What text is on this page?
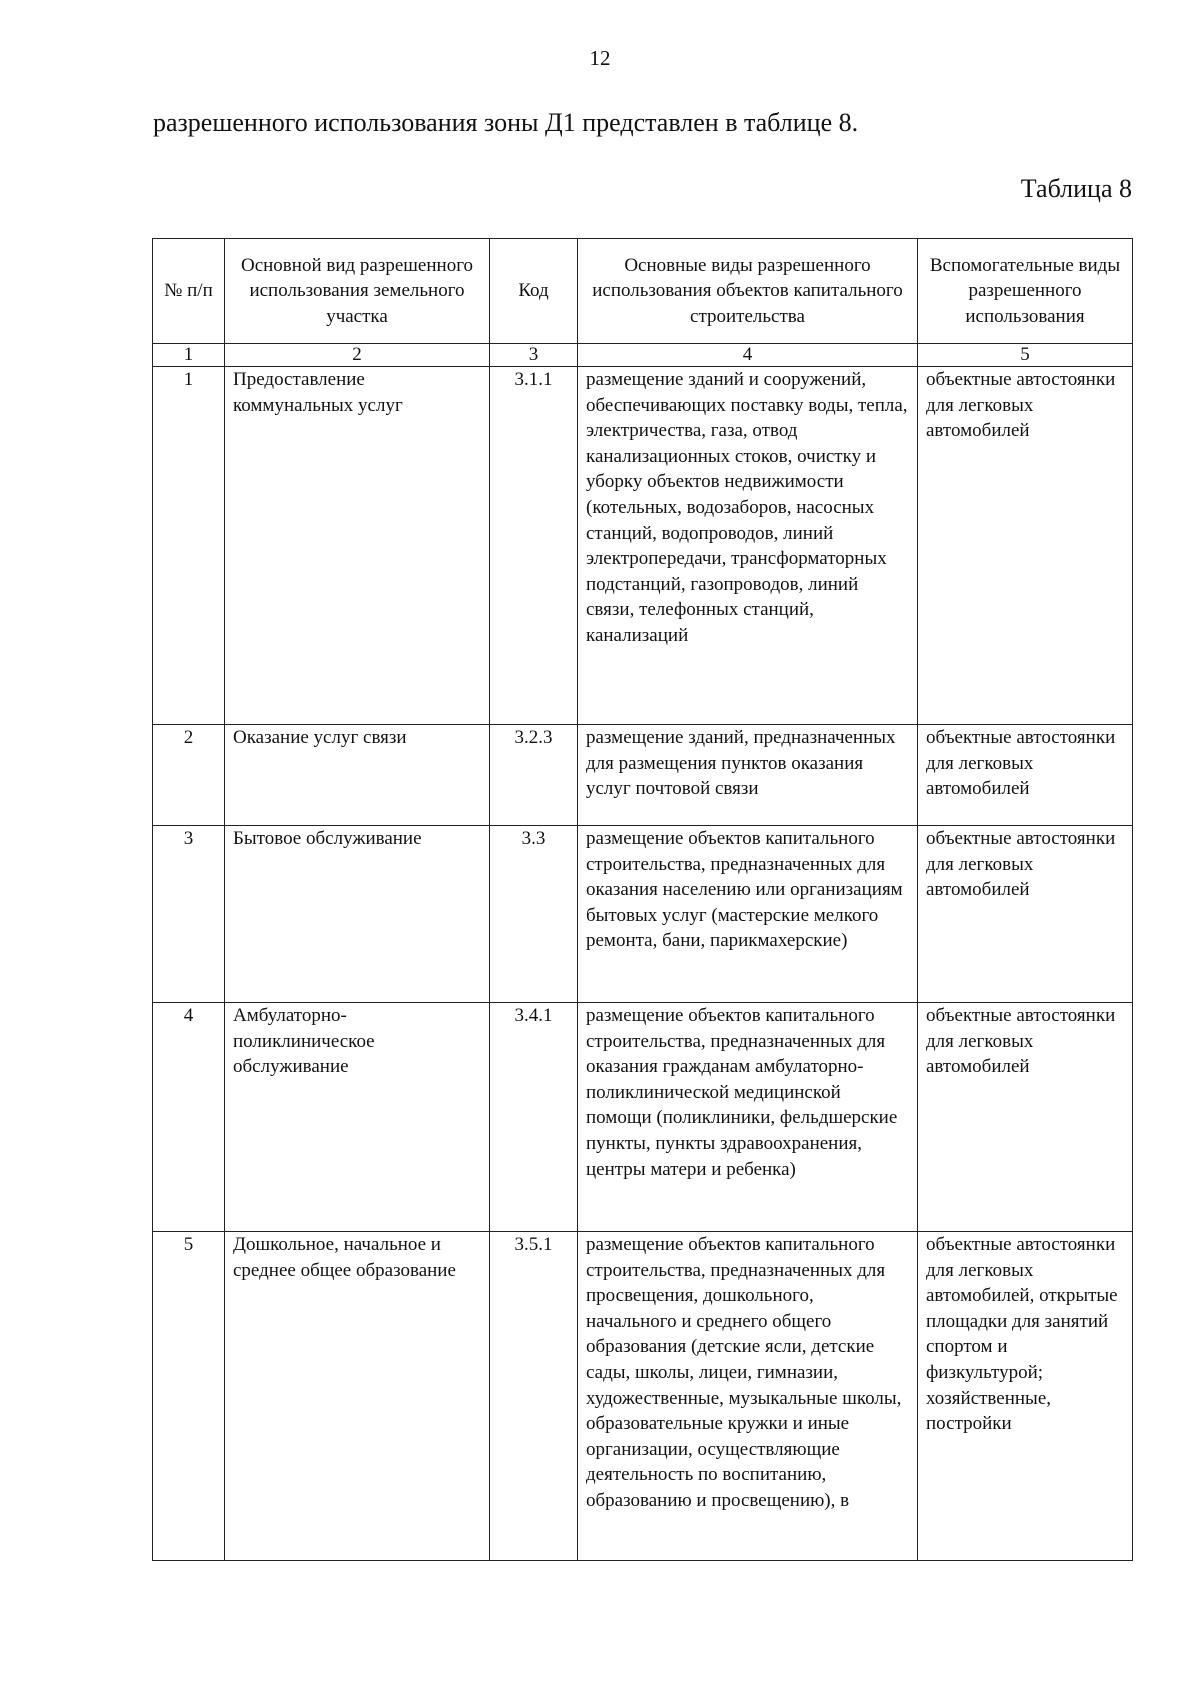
12
разрешенного использования зоны Д1 представлен в таблице 8.
Таблица 8
№ п/п	Основной вид разрешенного использования земельного участка	Код	Основные виды разрешенного использования объектов капитального строительства	Вспомогательные виды разрешенного использования
1	2	3	4	5
1	Предоставление коммунальных услуг	3.1.1	размещение зданий и сооружений, обеспечивающих поставку воды, тепла, электричества, газа, отвод канализационных стоков, очистку и уборку объектов недвижимости (котельных, водозаборов, насосных станций, водопроводов, линий электропередачи, трансформаторных подстанций, газопроводов, линий связи, телефонных станций, канализаций	объектные автостоянки для легковых автомобилей
2	Оказание услуг связи	3.2.3	размещение зданий, предназначенных для размещения пунктов оказания услуг почтовой связи	объектные автостоянки для легковых автомобилей
3	Бытовое обслуживание	3.3	размещение объектов капитального строительства, предназначенных для оказания населению или организациям бытовых услуг (мастерские мелкого ремонта, бани, парикмахерские)	объектные автостоянки для легковых автомобилей
4	Амбулаторно-поликлиническое обслуживание	3.4.1	размещение объектов капитального строительства, предназначенных для оказания гражданам амбулаторно-поликлинической медицинской помощи (поликлиники, фельдшерские пункты, пункты здравоохранения, центры матери и ребенка)	объектные автостоянки для легковых автомобилей
5	Дошкольное, начальное и среднее общее образование	3.5.1	размещение объектов капитального строительства, предназначенных для просвещения, дошкольного, начального и среднего общего образования (детские ясли, детские сады, школы, лицеи, гимназии, художественные, музыкальные школы, образовательные кружки и иные организации, осуществляющие деятельность по воспитанию, образованию и просвещению), в	объектные автостоянки для легковых автомобилей, открытые площадки для занятий спортом и физкультурой; хозяйственные, постройки
